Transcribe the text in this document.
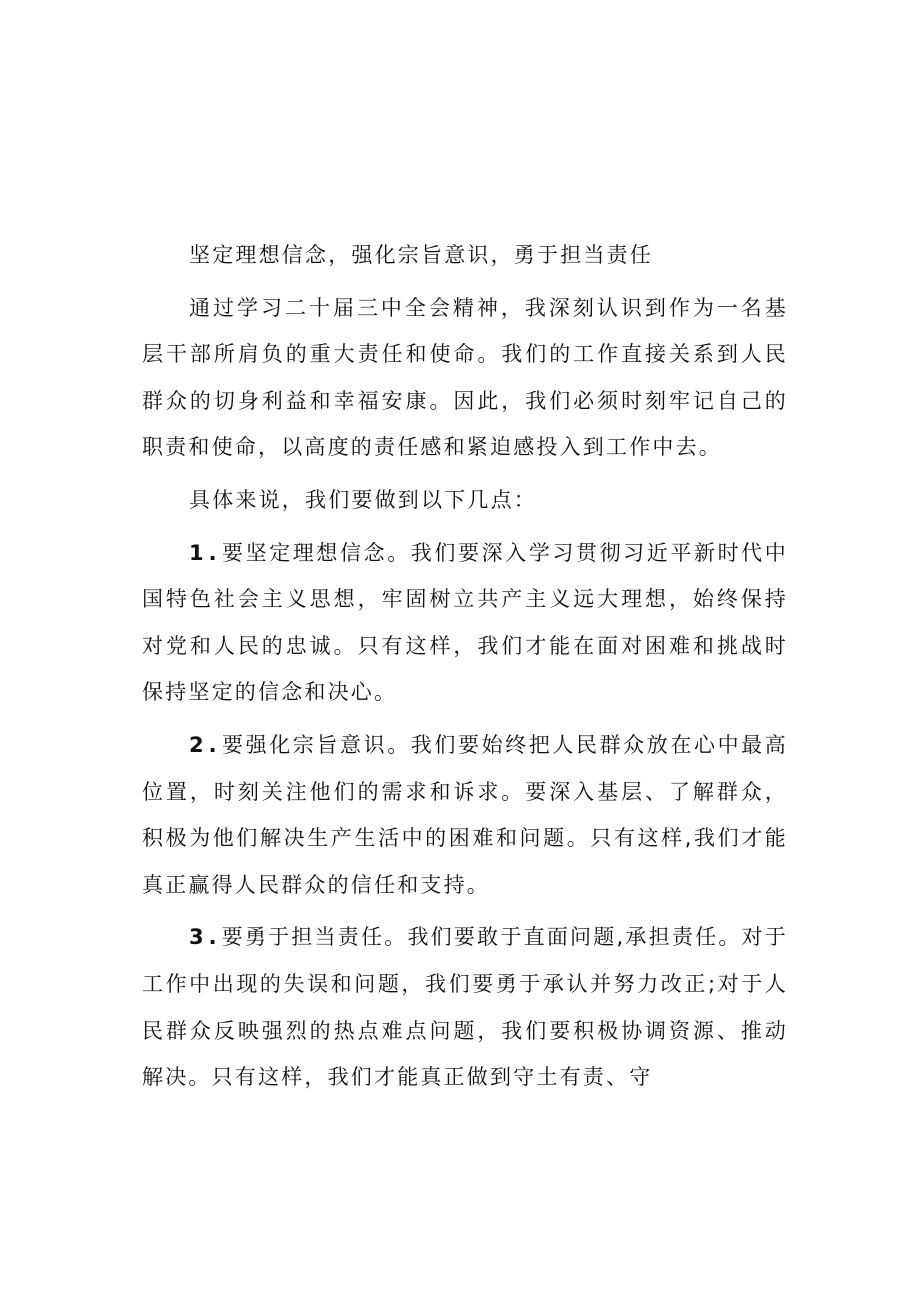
坚定理想信念，强化宗旨意识，勇于担当责任

通过学习二十届三中全会精神，我深刻认识到作为一名基层干部所肩负的重大责任和使命。我们的工作直接关系到人民群众的切身利益和幸福安康。因此，我们必须时刻牢记自己的职责和使命，以高度的责任感和紧迫感投入到工作中去。

具体来说，我们要做到以下几点：

1.要坚定理想信念。我们要深入学习贯彻习近平新时代中国特色社会主义思想，牢固树立共产主义远大理想，始终保持对党和人民的忠诚。只有这样，我们才能在面对困难和挑战时保持坚定的信念和决心。

2.要强化宗旨意识。我们要始终把人民群众放在心中最高位置，时刻关注他们的需求和诉求。要深入基层、了解群众，积极为他们解决生产生活中的困难和问题。只有这样,我们才能真正赢得人民群众的信任和支持。

3.要勇于担当责任。我们要敢于直面问题,承担责任。对于工作中出现的失误和问题，我们要勇于承认并努力改正;对于人民群众反映强烈的热点难点问题，我们要积极协调资源、推动解决。只有这样，我们才能真正做到守土有责、守
